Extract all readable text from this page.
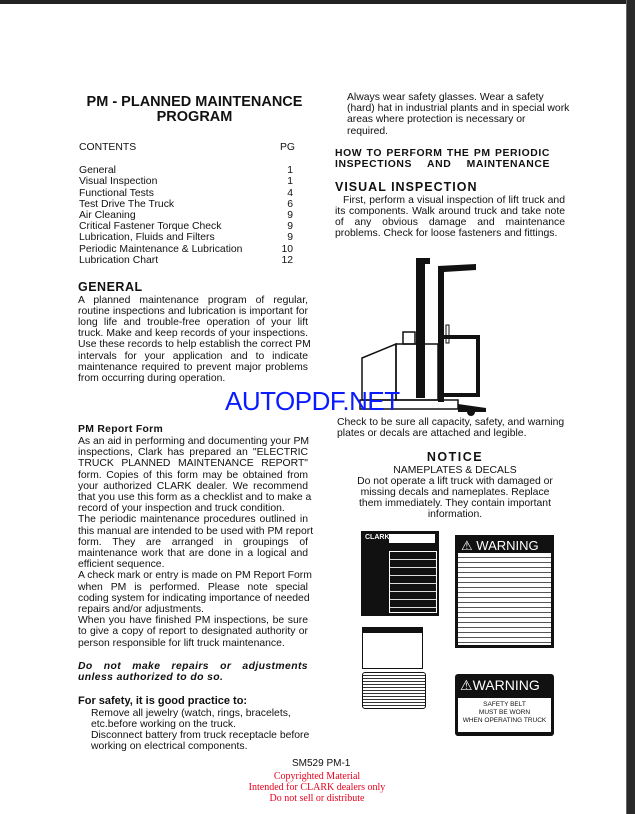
PM - PLANNED MAINTENANCE
PROGRAM
CONTENTS	PG
General	1
Visual Inspection	1
Functional Tests	4
Test Drive The Truck	6
Air Cleaning	9
Critical Fastener Torque Check	9
Lubrication, Fluids and Filters	9
Periodic Maintenance & Lubrication	10
Lubrication Chart	12
GENERAL
A planned maintenance program of regular,
routine inspections and lubrication is important for
long life and trouble-free operation of your lift
truck. Make and keep records of your inspections.
Use these records to help establish the correct PM
intervals for your application and to indicate
maintenance required to prevent major problems
from occurring during operation.
PM Report Form
As an aid in performing and documenting your PM
inspections, Clark has prepared an "ELECTRIC
TRUCK PLANNED MAINTENANCE REPORT"
form. Copies of this form may be obtained from
your authorized CLARK dealer. We recommend
that you use this form as a checklist and to make a
record of your inspection and truck condition.
The periodic maintenance procedures outlined in
this manual are intended to be used with PM report
form. They are arranged in groupings of
maintenance work that are done in a logical and
efficient sequence.
A check mark or entry is made on PM Report Form
when PM is performed. Please note special
coding system for indicating importance of needed
repairs and/or adjustments.
When you have finished PM inspections, be sure
to give a copy of report to designated authority or
person responsible for lift truck maintenance.
Do not make repairs or adjustments
unless authorized to do so.
For safety, it is good practice to:
Remove all jewelry (watch, rings, bracelets,
etc.before working on the truck.
Disconnect battery from truck receptacle before
working on electrical components.
Always wear safety glasses. Wear a safety
(hard) hat in industrial plants and in special work
areas where protection is necessary or
required.
HOW TO PERFORM THE PM PERIODIC
INSPECTIONS AND MAINTENANCE
VISUAL INSPECTION
First, perform a visual inspection of lift truck and
its components. Walk around truck and take note
of any obvious damage and maintenance
problems. Check for loose fasteners and fittings.
Check to be sure all capacity, safety, and warning
plates or decals are attached and legible.
NOTICE
NAMEPLATES & DECALS
Do not operate a lift truck with damaged or
missing decals and nameplates. Replace
them immediately. They contain important
information.
CLARK
⚠ WARNING
⚠WARNING
SAFETY BELT
MUST BE WORN
WHEN OPERATING TRUCK
AUTOPDF.NET
SM529 PM-1
Copyrighted Material
Intended for CLARK dealers only
Do not sell or distribute
